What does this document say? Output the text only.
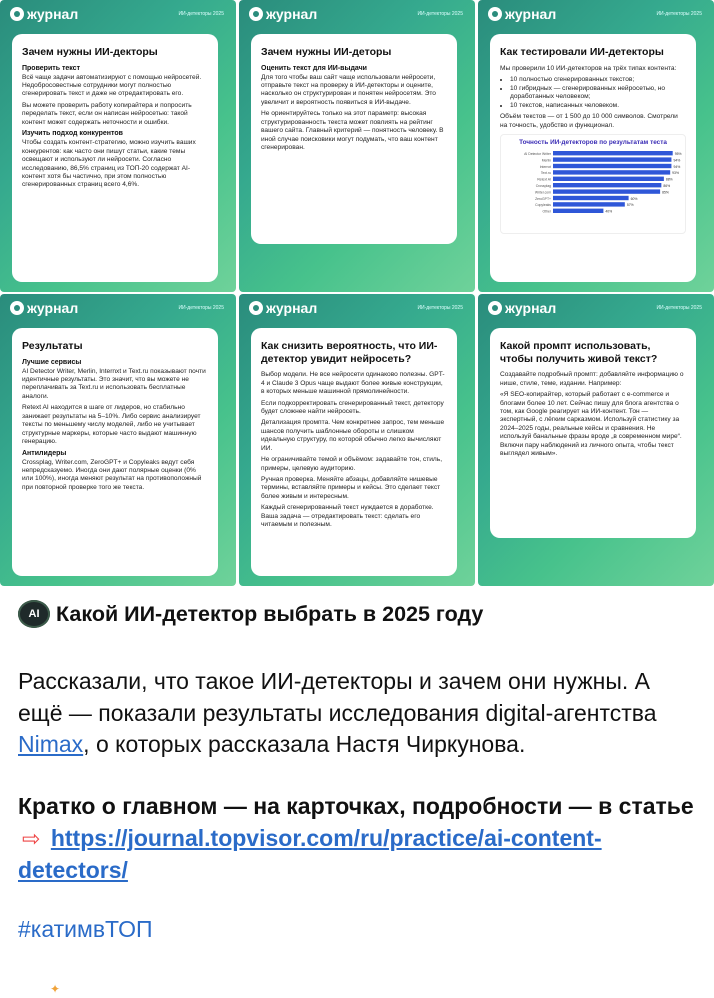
журнал	ИИ-детекторы 2025
Зачем нужны ИИ-декторы
Проверить текст
Всё чаще задачи автоматизируют с помощью нейросетей. Недобросовестные сотрудники могут полностью сгенерировать текст и даже не отредактировать его.
Вы можете проверить работу копирайтера и попросить переделать текст, если он написан нейросетью: такой контент может содержать неточности и ошибки.
Изучить подход конкурентов
Чтобы создать контент-стратегию, можно изучить ваших конкурентов: как часто они пишут статьи, какие темы освещают и используют ли нейросети. Согласно исследованию, 86,5% страниц из ТОП-20 содержат AI-контент хотя бы частично, при этом полностью сгенерированных страниц всего 4,6%.
журнал	ИИ-детекторы 2025
Зачем нужны ИИ-деторы
Оценить текст для ИИ-выдачи
Для того чтобы ваш сайт чаще использовали нейросети, отправьте текст на проверку в ИИ-детекторы и оцените, насколько он структурирован и понятен нейросетям. Это увеличит и вероятность появиться в ИИ-выдаче.
Не ориентируйтесь только на этот параметр: высокая структурированность текста может повлиять на рейтинг вашего сайта. Главный критерий — понятность человеку. В иной случае поисковики могут подумать, что ваш контент сгенерирован.
журнал	ИИ-детекторы 2025
Как тестировали ИИ-детекторы
Мы проверили 10 ИИ-детекторов на трёх типах контента:
• 10 полностью сгенерированных текстов;
• 10 гибридных — сгенерированных нейросетью, но доработанных человеком;
• 10 текстов, написанных человеком.
Объём текстов — от 1 500 до 10 000 символов. Смотрели на точность, удобство и функционал.
Точность ИИ-детекторов по результатам теста
AI Detector Writer	95%
Merlin	94%
Internxt	94%
Text.ru	93%
Retext AI	88%
Crossplag	86%
Writer.com	85%
ZeroGPT+	60%
Copyleaks	57%
Other	40%
журнал	ИИ-детекторы 2025
Результаты
Лучшие сервисы
AI Detector Writer, Merlin, Internxt и Text.ru показывают почти идентичные результаты. Это значит, что вы можете не переплачивать за Text.ru и использовать бесплатные аналоги.
Retext AI находится в шаге от лидеров, но стабильно занижает результаты на 5–10%. Либо сервис анализирует тексты по меньшему числу моделей, либо не учитывает структурные маркеры, которые часто выдают машинную генерацию.
Антилидеры
Crossplag, Writer.com, ZeroGPT+ и Copyleaks ведут себя непредсказуемо. Иногда они дают полярные оценки (0% или 100%), иногда меняют результат на противоположный при повторной проверке того же текста.
журнал	ИИ-детекторы 2025
Как снизить вероятность, что ИИ-детектор увидит нейросеть?
Выбор модели. Не все нейросети одинаково полезны. GPT-4 и Claude 3 Opus чаще выдают более живые конструкции, в которых меньше машинной прямолинейности.
Если подкорректировать сгенерированный текст, детектору будет сложнее найти нейросеть.
Детализация промпта. Чем конкретнее запрос, тем меньше шансов получить шаблонные обороты и слишком идеальную структуру, по которой обычно легко вычисляют ИИ.
Не ограничивайте темой и объёмом: задавайте тон, стиль, примеры, целевую аудиторию.
Ручная проверка. Меняйте абзацы, добавляйте нишевые термины, вставляйте примеры и кейсы. Это сделает текст более живым и интересным.
Каждый сгенерированный текст нуждается в доработке. Ваша задача — отредактировать текст: сделать его читаемым и полезным.
журнал	ИИ-детекторы 2025
Какой промпт использовать, чтобы получить живой текст?
Создавайте подробный промпт: добавляйте информацию о нише, стиле, теме, издании. Например:
«Я SEO-копирайтер, который работает с e-commerce и блогами более 10 лет. Сейчас пишу для блога агентства о том, как Google реагирует на ИИ-контент. Тон — экспертный, с лёгким сарказмом. Используй статистику за 2024–2025 годы, реальные кейсы и сравнения. Не используй банальные фразы вроде „в современном мире“. Включи пару наблюдений из личного опыта, чтобы текст выглядел живым».
AI Какой ИИ-детектор выбрать в 2025 году
Рассказали, что такое ИИ-детекторы и зачем они нужны. А ещё — показали результаты исследования digital-агентства Nimax, о которых рассказала Настя Чиркунова.
Кратко о главном — на карточках, подробности — в статье ⇨ https://journal.topvisor.com/ru/practice/ai-content-detectors/
#катимвТОП
✦
